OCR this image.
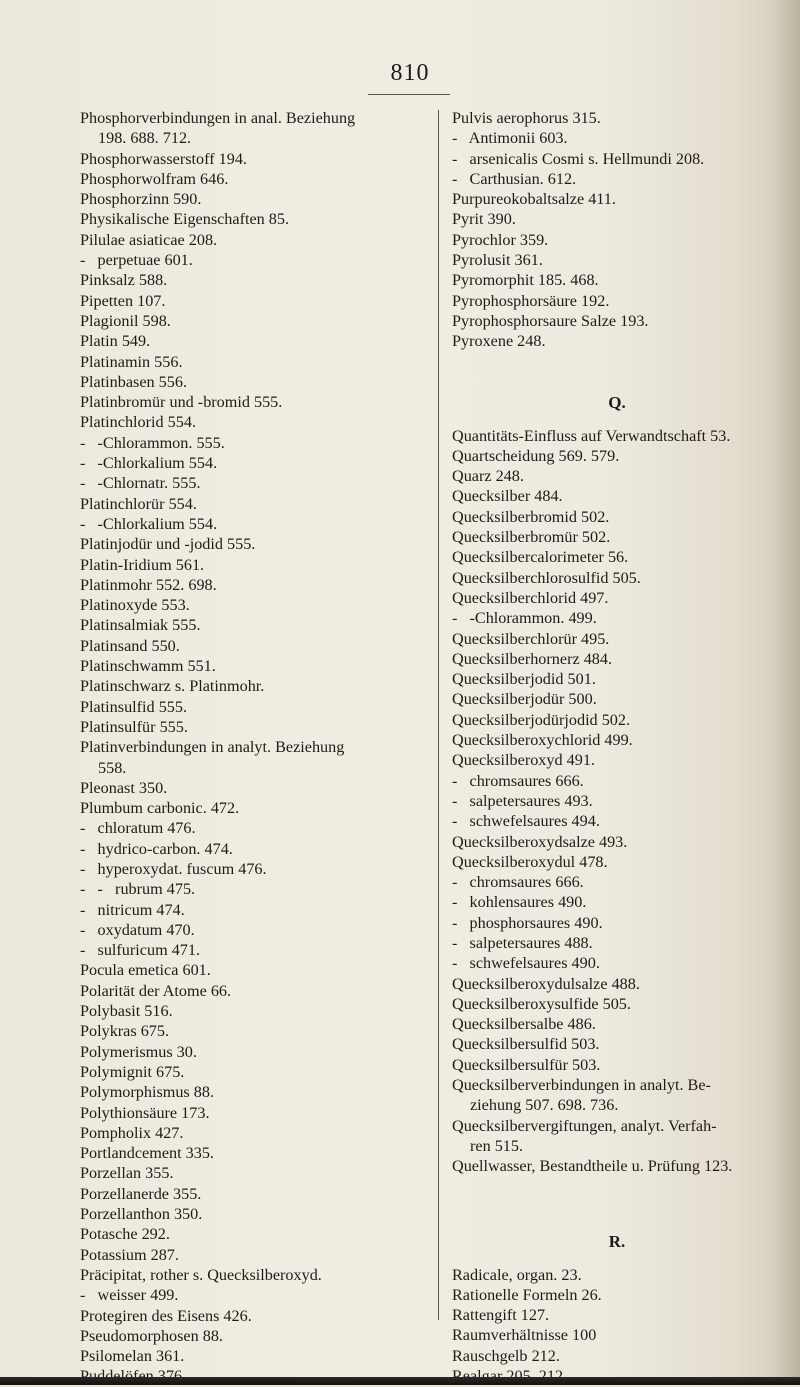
810
Phosphorverbindungen in anal. Beziehung
198. 688. 712.
Phosphorwasserstoff 194.
Phosphorwolfram 646.
Phosphorzinn 590.
Physikalische Eigenschaften 85.
Pilulae asiaticae 208.
-   perpetuae 601.
Pinksalz 588.
Pipetten 107.
Plagionil 598.
Platin 549.
Platinamin 556.
Platinbasen 556.
Platinbromür und -bromid 555.
Platinchlorid 554.
-   -Chlorammon. 555.
-   -Chlorkalium 554.
-   -Chlornatr. 555.
Platinchlorür 554.
-   -Chlorkalium 554.
Platinjodür und -jodid 555.
Platin-Iridium 561.
Platinmohr 552. 698.
Platinoxyde 553.
Platinsalmiak 555.
Platinsand 550.
Platinschwamm 551.
Platinschwarz s. Platinmohr.
Platinsulfid 555.
Platinsulfür 555.
Platinverbindungen in analyt. Beziehung
558.
Pleonast 350.
Plumbum carbonic. 472.
-   chloratum 476.
-   hydrico-carbon. 474.
-   hyperoxydat. fuscum 476.
-   -   rubrum 475.
-   nitricum 474.
-   oxydatum 470.
-   sulfuricum 471.
Pocula emetica 601.
Polarität der Atome 66.
Polybasit 516.
Polykras 675.
Polymerismus 30.
Polymignit 675.
Polymorphismus 88.
Polythionsäure 173.
Pompholix 427.
Portlandcement 335.
Porzellan 355.
Porzellanerde 355.
Porzellanthon 350.
Potasche 292.
Potassium 287.
Präcipitat, rother s. Quecksilberoxyd.
-   weisser 499.
Protegiren des Eisens 426.
Pseudomorphosen 88.
Psilomelan 361.
Pulvis aerophorus 315.
-   Antimonii 603.
-   arsenicalis Cosmi s. Hellmundi 208.
-   Carthusian. 612.
Purpureokobaltsalze 411.
Pyrit 390.
Pyrochlor 359.
Pyrolusit 361.
Pyromorphit 185. 468.
Pyrophosphorsäure 192.
Pyrophosphorsaure Salze 193.
Pyroxene 248.
Q.
Quantitäts-Einfluss auf Verwandtschaft 53.
Quartscheidung 569. 579.
Quarz 248.
Quecksilber 484.
Quecksilberbromid 502.
Quecksilberbromür 502.
Quecksilbercalorimeter 56.
Quecksilberchlorosulfid 505.
Quecksilberchlorid 497.
-   -Chlorammon. 499.
Quecksilberchlorür 495.
Quecksilberhornerz 484.
Quecksilberjodid 501.
Quecksilberjodür 500.
Quecksilberjodürjodid 502.
Quecksilberoxychlorid 499.
Quecksilberoxyd 491.
-   chromsaures 666.
-   salpetersaures 493.
-   schwefelsaures 494.
Quecksilberoxydsalze 493.
Quecksilberoxydul 478.
-   chromsaures 666.
-   kohlensaures 490.
-   phosphorsaures 490.
-   salpetersaures 488.
-   schwefelsaures 490.
Quecksilberoxydulsalze 488.
Quecksilberoxysulfide 505.
Quecksilbersalbe 486.
Quecksilbersulfid 503.
Quecksilbersulfür 503.
Quecksilberverbindungen in analyt. Be-
ziehung 507. 698. 736.
Quecksilbervergiftungen, analyt. Verfah-
ren 515.
Quellwasser, Bestandtheile u. Prüfung 123.
R.
Radicale, organ. 23.
Rationelle Formeln 26.
Rattengift 127.
Raumverhältnisse 100
Rauschgelb 212.
